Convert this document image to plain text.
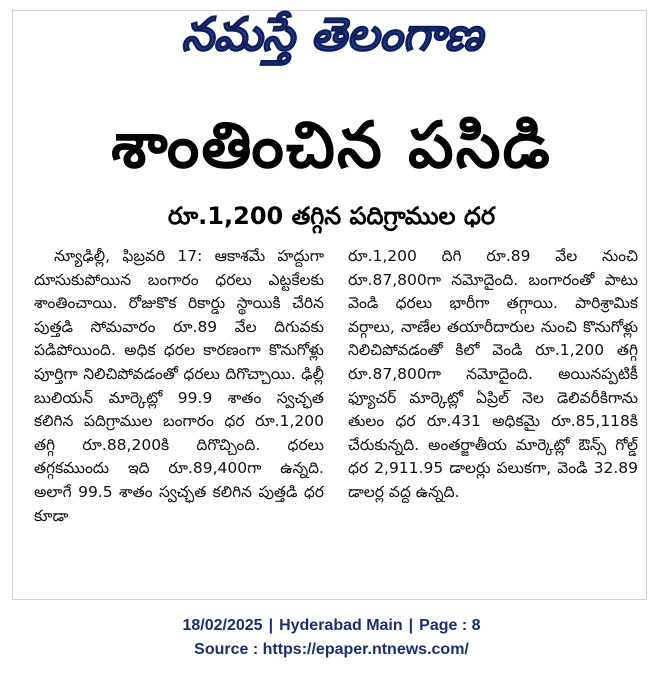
నమస్తే తెలంగాణ
శాంతించిన పసిడి
రూ.1,200 తగ్గిన పదిగ్రాముల ధర

న్యూఢిల్లీ, ఫిబ్రవరి 17: ఆకాశమే హద్దుగా దూసుకుపోయిన బంగారం ధరలు ఎట్టకేలకు శాంతించాయి. రోజుకొక రికార్డు స్థాయికి చేరిన పుత్తడి సోమవారం రూ.89 వేల దిగువకు పడిపోయింది. అధిక ధరల కారణంగా కొనుగోళ్లు పూర్తిగా నిలిచిపోవడంతో ధరలు దిగొచ్చాయి. ఢిల్లీ బులియన్ మార్కెట్లో 99.9 శాతం స్వచ్ఛత కలిగిన పదిగ్రాముల బంగారం ధర రూ.1,200 తగ్గి రూ.88,200కి దిగొచ్చింది. ధరలు తగ్గకముందు ఇది రూ.89,400గా ఉన్నది. అలాగే 99.5 శాతం స్వచ్ఛత కలిగిన పుత్తడి ధర కూడా

రూ.1,200 దిగి రూ.89 వేల నుంచి రూ.87,800గా నమోదైంది. బంగారంతో పాటు వెండి ధరలు భారీగా తగ్గాయి. పారిశ్రామిక వర్గాలు, నాణేల తయారీదారుల నుంచి కొనుగోళ్లు నిలిచిపోవడంతో కిలో వెండి రూ.1,200 తగ్గి రూ.87,800గా నమోదైంది. అయినప్పటికీ ఫ్యూచర్ మార్కెట్లో ఏప్రిల్ నెల డెలివరీకిగాను తులం ధర రూ.431 అధికమై రూ.85,118కి చేరుకున్నది. అంతర్జాతీయ మార్కెట్లో ఔన్స్ గోల్డ్ ధర 2,911.95 డాలర్లు పలుకగా, వెండి 32.89 డాలర్ల వద్ద ఉన్నది.

18/02/2025 | Hyderabad Main | Page : 8
Source : https://epaper.ntnews.com/
